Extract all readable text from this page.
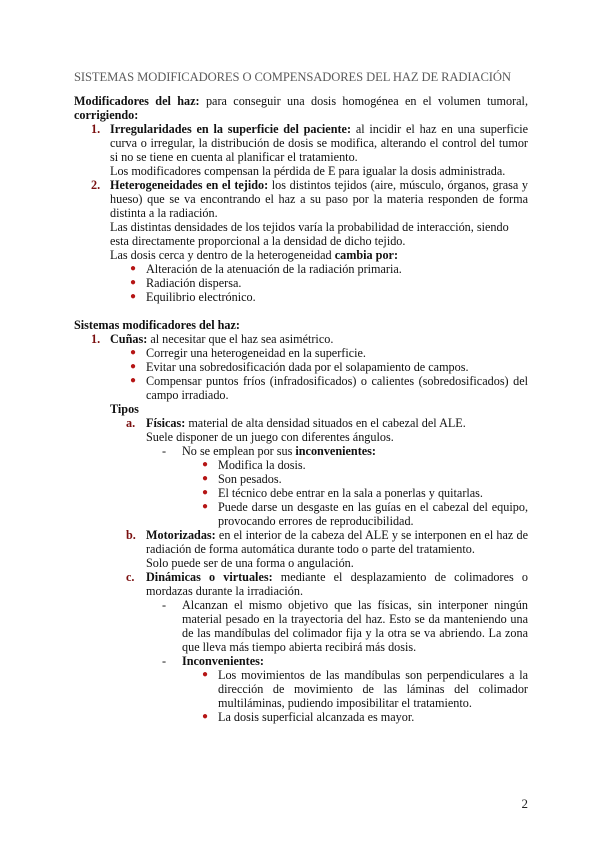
SISTEMAS MODIFICADORES O COMPENSADORES DEL HAZ DE RADIACIÓN

Modificadores del haz: para conseguir una dosis homogénea en el volumen tumoral, corrigiendo:

1. Irregularidades en la superficie del paciente: al incidir el haz en una superficie curva o irregular, la distribución de dosis se modifica, alterando el control del tumor si no se tiene en cuenta al planificar el tratamiento.

Los modificadores compensan la pérdida de E para igualar la dosis administrada.

2. Heterogeneidades en el tejido: los distintos tejidos (aire, músculo, órganos, grasa y hueso) que se va encontrando el haz a su paso por la materia responden de forma distinta a la radiación.

Las distintas densidades de los tejidos varía la probabilidad de interacción, siendo esta directamente proporcional a la densidad de dicho tejido.

Las dosis cerca y dentro de la heterogeneidad cambia por:

● Alteración de la atenuación de la radiación primaria.

● Radiación dispersa.

● Equilibrio electrónico.

Sistemas modificadores del haz:

1. Cuñas: al necesitar que el haz sea asimétrico.

● Corregir una heterogeneidad en la superficie.

● Evitar una sobredosificación dada por el solapamiento de campos.

● Compensar puntos fríos (infradosificados) o calientes (sobredosificados) del campo irradiado.

Tipos

a. Físicas: material de alta densidad situados en el cabezal del ALE.

Suele disponer de un juego con diferentes ángulos.

- No se emplean por sus inconvenientes:

● Modifica la dosis.

● Son pesados.

● El técnico debe entrar en la sala a ponerlas y quitarlas.

● Puede darse un desgaste en las guías en el cabezal del equipo, provocando errores de reproducibilidad.

b. Motorizadas: en el interior de la cabeza del ALE y se interponen en el haz de radiación de forma automática durante todo o parte del tratamiento.

Solo puede ser de una forma o angulación.

c. Dinámicas o virtuales: mediante el desplazamiento de colimadores o mordazas durante la irradiación.

- Alcanzan el mismo objetivo que las físicas, sin interponer ningún material pesado en la trayectoria del haz. Esto se da manteniendo una de las mandíbulas del colimador fija y la otra se va abriendo. La zona que lleva más tiempo abierta recibirá más dosis.

- Inconvenientes:

● Los movimientos de las mandíbulas son perpendiculares a la dirección de movimiento de las láminas del colimador multiláminas, pudiendo imposibilitar el tratamiento.

● La dosis superficial alcanzada es mayor.

2
